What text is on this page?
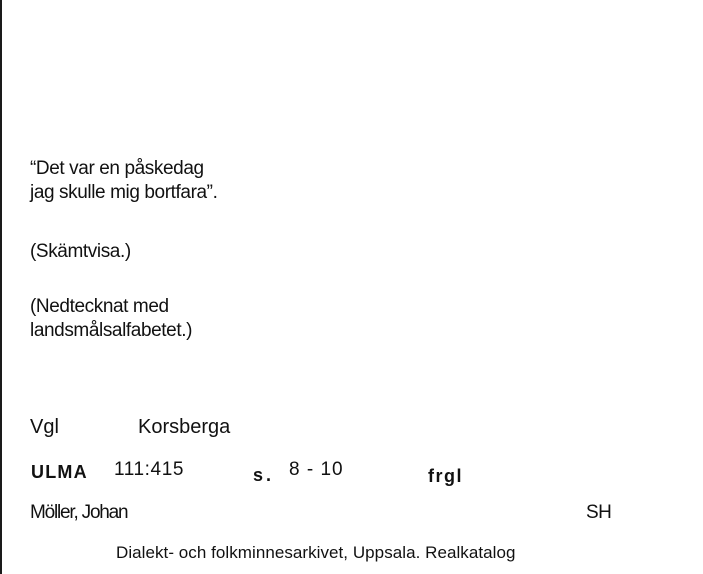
“Det var en påskedag
jag skulle mig bortfara”.
(Skämtvisa.)
(Nedtecknat med
landsmålsalfabetet.)
Vgl	Korsberga
ULMA 111:415	s. 8 - 10	frgl
Möller, Johan	SH
Dialekt- och folkminnesarkivet, Uppsala. Realkatalog
